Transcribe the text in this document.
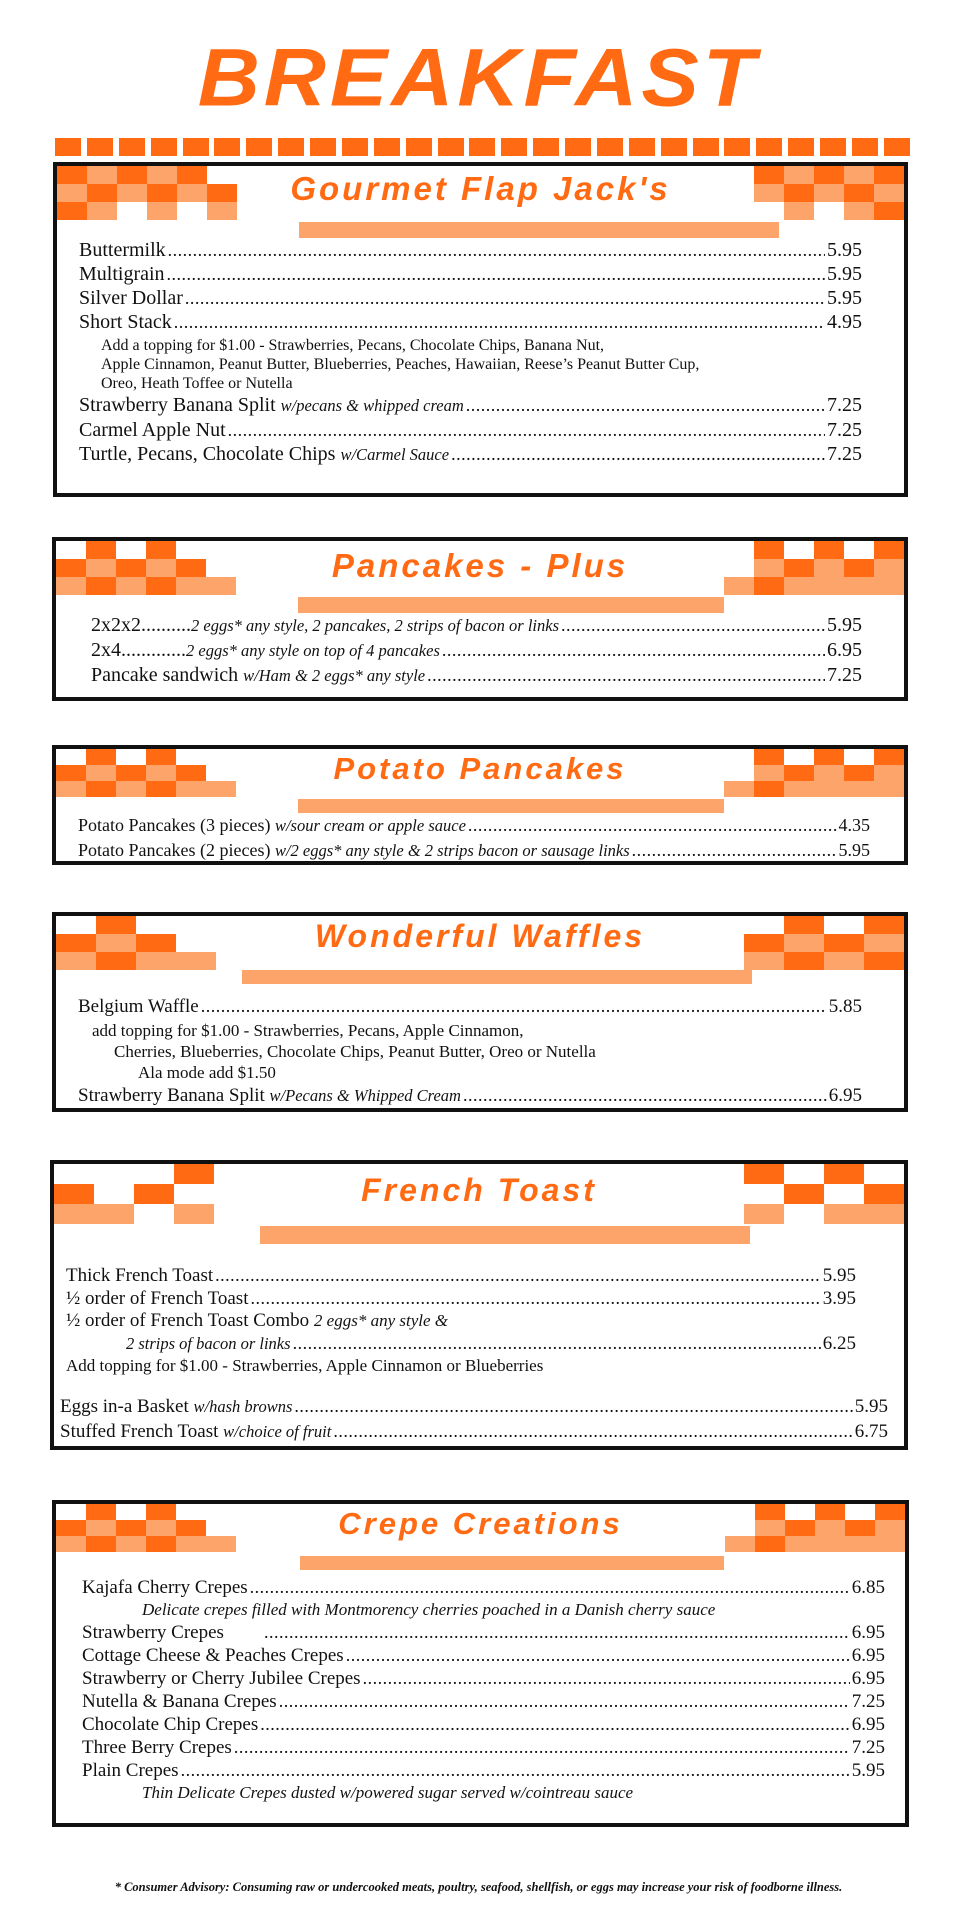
BREAKFAST
Gourmet Flap Jack's
Buttermilk .....	5.95
Multigrain .....	5.95
Silver Dollar .....	5.95
Short Stack .....	4.95
Add a topping for $1.00 - Strawberries, Pecans, Chocolate Chips, Banana Nut,
Apple Cinnamon, Peanut Butter, Blueberries, Peaches, Hawaiian, Reese’s Peanut Butter Cup,
Oreo, Heath Toffee or Nutella
Strawberry Banana Split
w/pecans & whipped cream .....	7.25
Carmel Apple Nut .....	7.25
Turtle, Pecans, Chocolate Chips
w/Carmel Sauce .....	7.25
Pancakes - Plus
2x2x2.......... 2 eggs* any style, 2 pancakes, 2 strips of bacon or links .....	5.95
2x4............. 2 eggs* any style on top of 4 pancakes .....	6.95
Pancake sandwich
w/Ham & 2 eggs* any style .....	7.25
Potato Pancakes
Potato Pancakes (3 pieces)
w/sour cream or apple sauce .....	4.35
Potato Pancakes (2 pieces)
w/2 eggs* any style & 2 strips bacon or sausage links .....	5.95
Wonderful Waffles
Belgium Waffle .....	5.85
add topping for $1.00 - Strawberries, Pecans, Apple Cinnamon,
Cherries, Blueberries, Chocolate Chips, Peanut Butter, Oreo or Nutella
Ala mode add $1.50
Strawberry Banana Split
w/Pecans & Whipped Cream .....	6.95
French Toast
Thick French Toast .....	5.95
½ order of French Toast .....	3.95
½ order of French Toast Combo 2 eggs* any style &
2 strips of bacon or links .....	6.25
Add topping for $1.00 - Strawberries, Apple Cinnamon or Blueberries
Eggs in-a Basket
w/hash browns .....	5.95
Stuffed French Toast
w/choice of fruit .....	6.75
Crepe Creations
Kajafa Cherry Crepes .....	6.85
Delicate crepes filled with Montmorency cherries poached in a Danish cherry sauce
Strawberry Crepes .....	6.95
Cottage Cheese & Peaches Crepes .....	6.95
Strawberry or Cherry Jubilee Crepes .....	6.95
Nutella & Banana Crepes .....	7.25
Chocolate Chip Crepes .....	6.95
Three Berry Crepes .....	7.25
Plain Crepes .....	5.95
Thin Delicate Crepes dusted w/powered sugar served w/cointreau sauce
* Consumer Advisory: Consuming raw or undercooked meats, poultry, seafood, shellfish, or eggs may increase your risk of foodborne illness.
